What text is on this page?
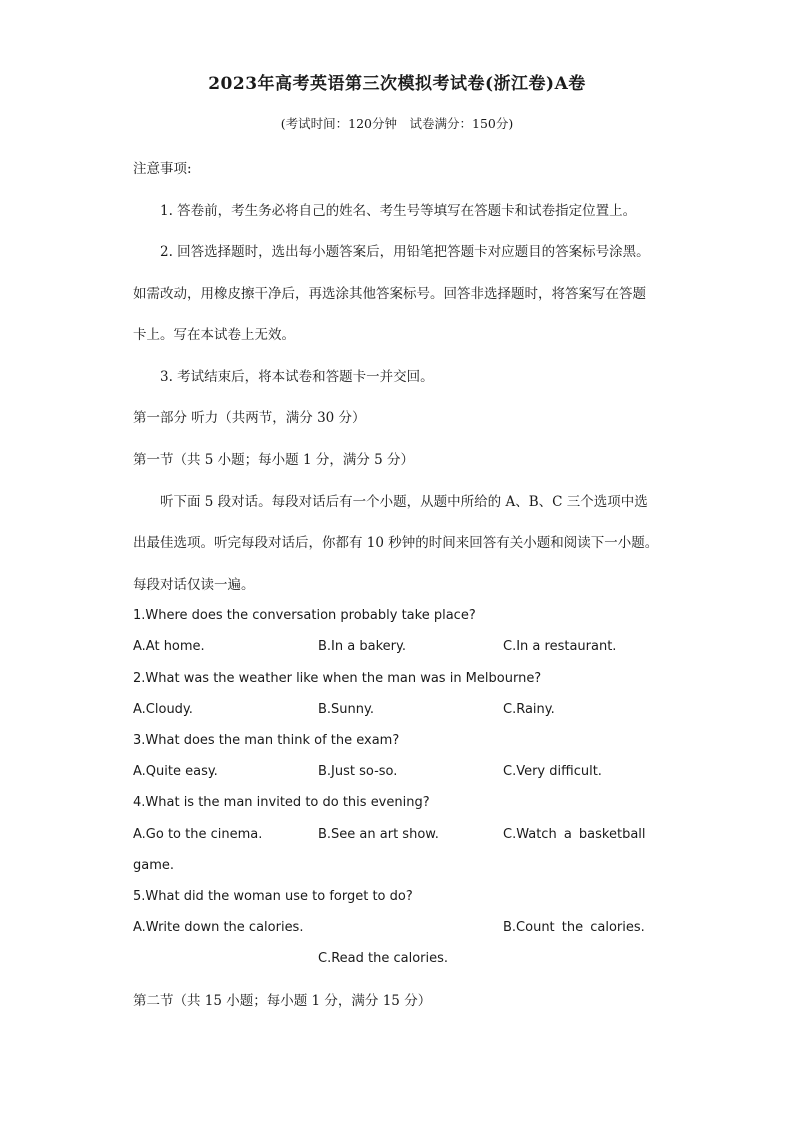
2023年高考英语第三次模拟考试卷(浙江卷)A卷
(考试时间：120分钟　试卷满分：150分)
注意事项:
1. 答卷前，考生务必将自己的姓名、考生号等填写在答题卡和试卷指定位置上。
2. 回答选择题时，选出每小题答案后，用铅笔把答题卡对应题目的答案标号涂黑。
如需改动，用橡皮擦干净后，再选涂其他答案标号。回答非选择题时，将答案写在答题
卡上。写在本试卷上无效。
3. 考试结束后，将本试卷和答题卡一并交回。
第一部分 听力（共两节，满分 30 分）
第一节（共 5 小题；每小题 1 分，满分 5 分）
听下面 5 段对话。每段对话后有一个小题，从题中所给的 A、B、C 三个选项中选
出最佳选项。听完每段对话后，你都有 10 秒钟的时间来回答有关小题和阅读下一小题。
每段对话仅读一遍。
1.Where does the conversation probably take place?
A.At home.	B.In a bakery.	C.In a restaurant.
2.What was the weather like when the man was in Melbourne?
A.Cloudy.	B.Sunny.	C.Rainy.
3.What does the man think of the exam?
A.Quite easy.	B.Just so-so.	C.Very difficult.
4.What is the man invited to do this evening?
A.Go to the cinema.	B.See an art show.	C.Watch a basketball
game.
5.What did the woman use to forget to do?
A.Write down the calories.	B.Count the calories.
C.Read the calories.
第二节（共 15 小题；每小题 1 分，满分 15 分）
